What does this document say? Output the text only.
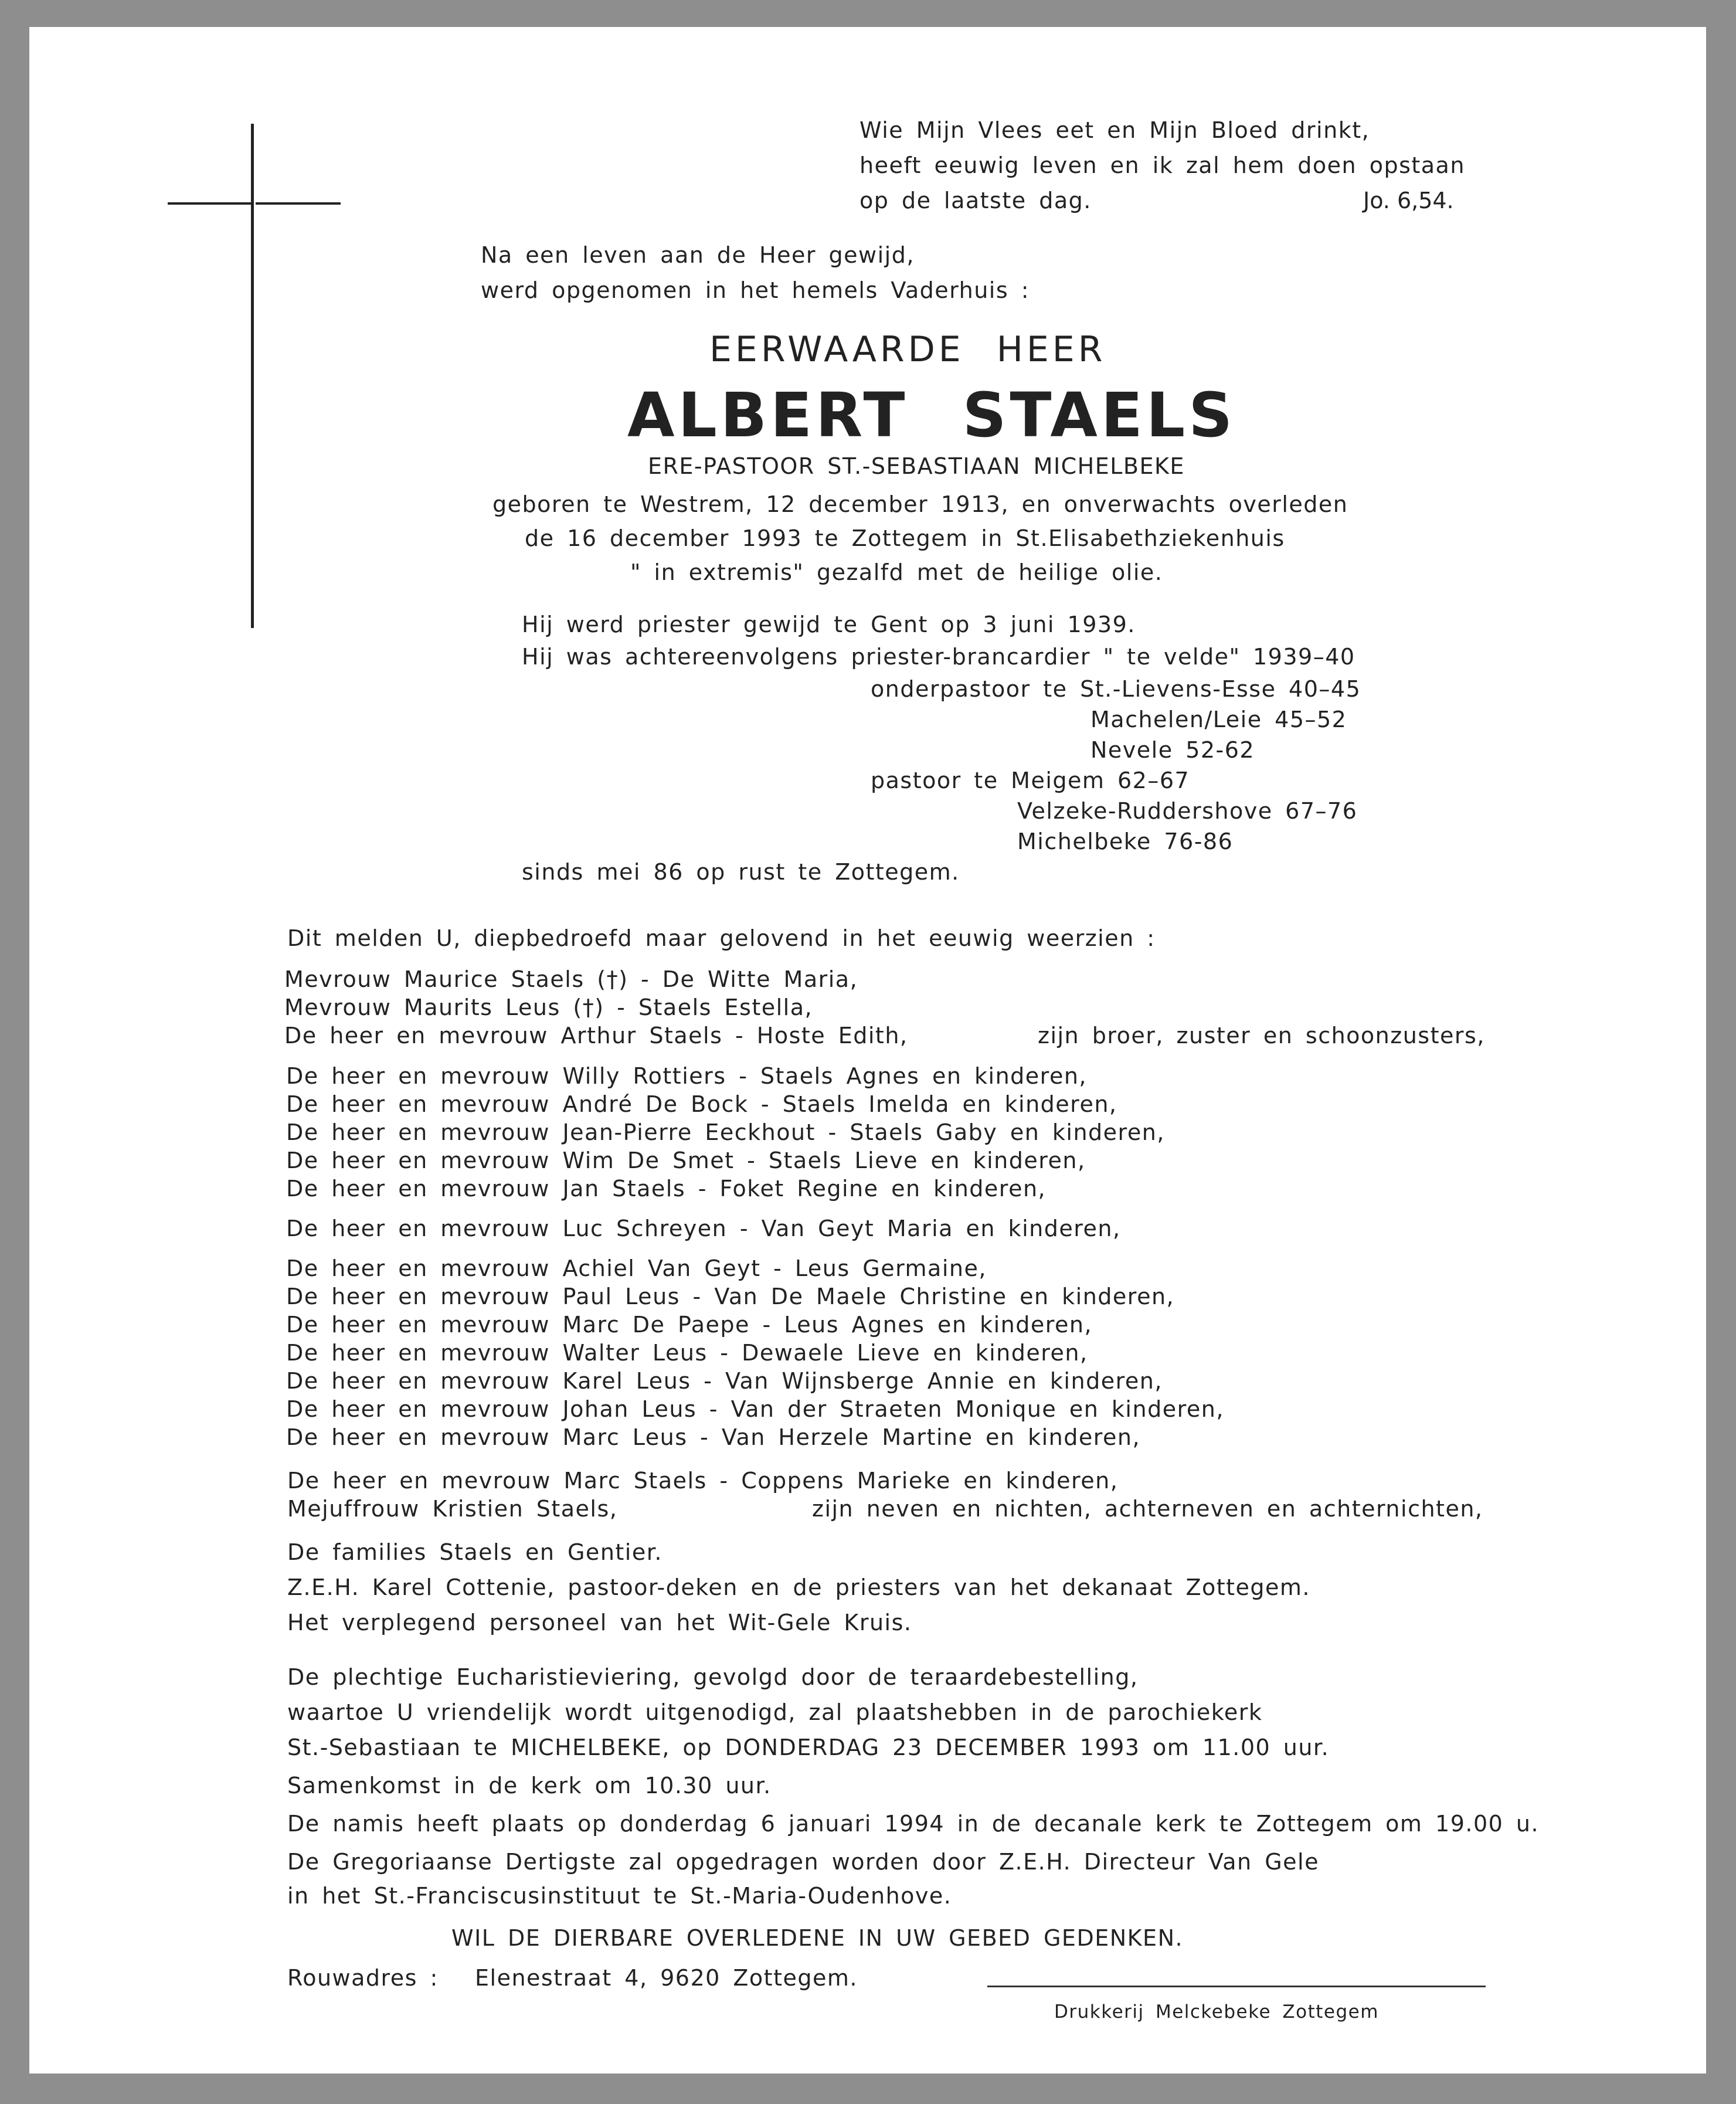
Wie Mijn Vlees eet en Mijn Bloed drinkt,
heeft eeuwig leven en ik zal hem doen opstaan
op de laatste dag.	Jo. 6,54.
Na een leven aan de Heer gewijd,
werd opgenomen in het hemels Vaderhuis :
EERWAARDE HEER
ALBERT STAELS
ERE-PASTOOR ST.-SEBASTIAAN MICHELBEKE
geboren te Westrem, 12 december 1913, en onverwachts overleden
de 16 december 1993 te Zottegem in St.Elisabethziekenhuis
" in extremis" gezalfd met de heilige olie.
Hij werd priester gewijd te Gent op 3 juni 1939.
Hij was achtereenvolgens priester-brancardier " te velde" 1939–40
onderpastoor te St.-Lievens-Esse 40–45
Machelen/Leie 45–52
Nevele 52-62
pastoor te Meigem 62–67
Velzeke-Ruddershove 67–76
Michelbeke 76-86
sinds mei 86 op rust te Zottegem.
Dit melden U, diepbedroefd maar gelovend in het eeuwig weerzien :
Mevrouw Maurice Staels (†) - De Witte Maria,
Mevrouw Maurits Leus (†) - Staels Estella,
De heer en mevrouw Arthur Staels - Hoste Edith,	zijn broer, zuster en schoonzusters,
De heer en mevrouw Willy Rottiers - Staels Agnes en kinderen,
De heer en mevrouw André De Bock - Staels Imelda en kinderen,
De heer en mevrouw Jean-Pierre Eeckhout - Staels Gaby en kinderen,
De heer en mevrouw Wim De Smet - Staels Lieve en kinderen,
De heer en mevrouw Jan Staels - Foket Regine en kinderen,
De heer en mevrouw Luc Schreyen - Van Geyt Maria en kinderen,
De heer en mevrouw Achiel Van Geyt - Leus Germaine,
De heer en mevrouw Paul Leus - Van De Maele Christine en kinderen,
De heer en mevrouw Marc De Paepe - Leus Agnes en kinderen,
De heer en mevrouw Walter Leus - Dewaele Lieve en kinderen,
De heer en mevrouw Karel Leus - Van Wijnsberge Annie en kinderen,
De heer en mevrouw Johan Leus - Van der Straeten Monique en kinderen,
De heer en mevrouw Marc Leus - Van Herzele Martine en kinderen,
De heer en mevrouw Marc Staels - Coppens Marieke en kinderen,
Mejuffrouw Kristien Staels,	zijn neven en nichten, achterneven en achternichten,
De families Staels en Gentier.
Z.E.H. Karel Cottenie, pastoor-deken en de priesters van het dekanaat Zottegem.
Het verplegend personeel van het Wit-Gele Kruis.
De plechtige Eucharistieviering, gevolgd door de teraardebestelling,
waartoe U vriendelijk wordt uitgenodigd, zal plaatshebben in de parochiekerk
St.-Sebastiaan te MICHELBEKE, op DONDERDAG 23 DECEMBER 1993 om 11.00 uur.
Samenkomst in de kerk om 10.30 uur.
De namis heeft plaats op donderdag 6 januari 1994 in de decanale kerk te Zottegem om 19.00 u.
De Gregoriaanse Dertigste zal opgedragen worden door Z.E.H. Directeur Van Gele
in het St.-Franciscusinstituut te St.-Maria-Oudenhove.
WIL DE DIERBARE OVERLEDENE IN UW GEBED GEDENKEN.
Rouwadres : Elenestraat 4, 9620 Zottegem.
Drukkerij Melckebeke Zottegem
